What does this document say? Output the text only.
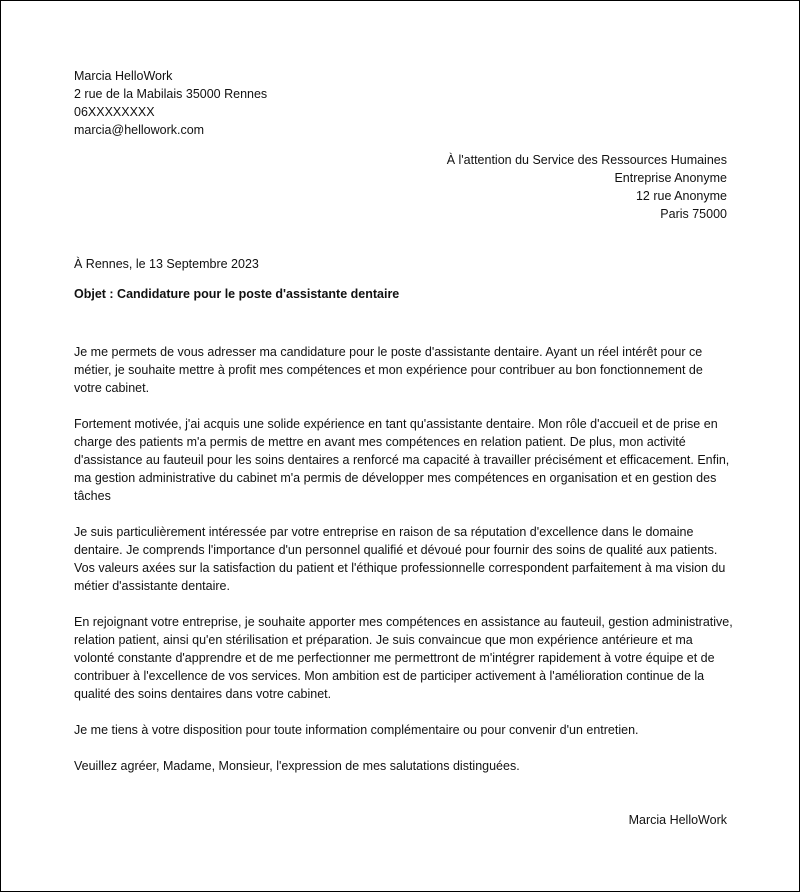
Marcia HelloWork
2 rue de la Mabilais 35000 Rennes
06XXXXXXXX
marcia@hellowork.com
À l'attention du Service des Ressources Humaines
Entreprise Anonyme
12 rue Anonyme
Paris 75000
À Rennes, le 13 Septembre 2023
Objet : Candidature pour le poste d'assistante dentaire

Je me permets de vous adresser ma candidature pour le poste d'assistante dentaire. Ayant un réel intérêt pour ce métier, je souhaite mettre à profit mes compétences et mon expérience pour contribuer au bon fonctionnement de votre cabinet.

Fortement motivée, j'ai acquis une solide expérience en tant qu'assistante dentaire. Mon rôle d'accueil et de prise en charge des patients m'a permis de mettre en avant mes compétences en relation patient. De plus, mon activité d'assistance au fauteuil pour les soins dentaires a renforcé ma capacité à travailler précisément et efficacement. Enfin, ma gestion administrative du cabinet m'a permis de développer mes compétences en organisation et en gestion des tâches

Je suis particulièrement intéressée par votre entreprise en raison de sa réputation d'excellence dans le domaine dentaire. Je comprends l'importance d'un personnel qualifié et dévoué pour fournir des soins de qualité aux patients. Vos valeurs axées sur la satisfaction du patient et l'éthique professionnelle correspondent parfaitement à ma vision du métier d'assistante dentaire.

En rejoignant votre entreprise, je souhaite apporter mes compétences en assistance au fauteuil, gestion administrative, relation patient, ainsi qu'en stérilisation et préparation. Je suis convaincue que mon expérience antérieure et ma volonté constante d'apprendre et de me perfectionner me permettront de m'intégrer rapidement à votre équipe et de contribuer à l'excellence de vos services. Mon ambition est de participer activement à l'amélioration continue de la qualité des soins dentaires dans votre cabinet.

Je me tiens à votre disposition pour toute information complémentaire ou pour convenir d'un entretien.

Veuillez agréer, Madame, Monsieur, l'expression de mes salutations distinguées.

Marcia HelloWork
